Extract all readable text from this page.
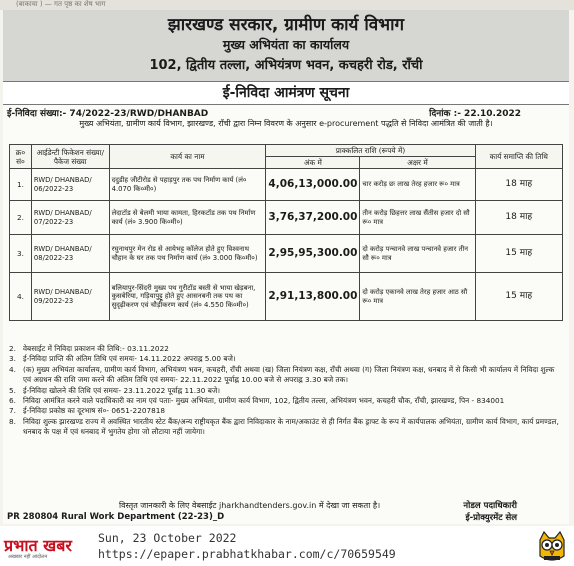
(बाकाया ) — गत पृष्ठ का शेष भाग
झारखण्ड सरकार, ग्रामीण कार्य विभाग
मुख्य अभियंता का कार्यालय
102, द्वितीय तल्ला, अभियंत्रण भवन, कचहरी रोड, राँची
ई-निविदा आमंत्रण सूचना
ई-निविदा संख्या:- 74/2022-23/RWD/DHANBAD	दिनांक :- 22.10.2022
मुख्य अभियंता, ग्रामीण कार्य विभाग, झारखण्ड, राँची द्वारा निम्न विवरण के अनुसार e-procurement पद्धति से निविदा आमंत्रित की जाती है।
क्र० सं०	आईडेन्टी फिकेशन संख्या/पैकेज संख्या	कार्य का नाम	प्राक्कलित राशि (रूपये में)		कार्य समाप्ति की तिथि
			अंक में	अक्षर में	
1.	RWD/ DHANBAD/ 06/2022-23	ददुडीह जीटीरोड से पहाड़पुर तक पथ निर्माण कार्य (लं० 4.070 कि०मी०)	4,06,13,000.00	चार करोड़ छः लाख तेरह हजार रू० मात्र	18 माह
2.	RWD/ DHANBAD/ 07/2022-23	लेदाटॉड से बेलमी भाया कामता, हिरकटॉड तक पथ निर्माण कार्य (लं० 3.900 कि०मी०)	3,76,37,200.00	तीन करोड़ छिहत्तर लाख सैंतीस हजार दो सौ रू० मात्र	18 माह
3.	RWD/ DHANBAD/ 08/2022-23	रघुनाथपुर मेन रोड से आयेभट्ट कॉलेज होते हुए विश्वनाथ चौहान के घर तक पथ निर्माण कार्य (लं० 3.000 कि०मी०)	2,95,95,300.00	दो करोड़ पन्चानवे लाख पन्चानवे हजार तीन सौ रू० मात्र	15 माह
4.	RWD/ DHANBAD/ 09/2022-23	बलियापुर-सिंदरी मुख्य पथ गुरीटॉड बस्ती से भाया खेड़बना, कुसबेरिया, गड़ियापुट्टू होते हुए आसनबनी तक पथ का सुदृढ़ीकरण एवं चौड़ीकरण कार्य (लं० 4.550 कि०मी०)	2,91,13,800.00	दो करोड़ एकानवे लाख तेरह हजार आठ सौ रू० मात्र	15 माह
2. वेबसाईट में निविदा प्रकाशन की तिथि:- 03.11.2022
3. ई-निविदा प्राप्ति की अंतिम तिथि एवं समयः- 14.11.2022 अपराह्न 5.00 बजे।
4. (क) मुख्य अभियंता कार्यालय, ग्रामीण कार्य विभाग, अभियंत्रण भवन, कचहरी, राँची अथवा (ख) जिला नियंत्रण कक्ष, राँची अथवा (ग) जिला नियंत्रण कक्ष, धनबाद में से किसी भी कार्यालय में निविदा शुल्क एवं अग्रधन की राशि जमा करने की अंतिम तिथि एवं समयः- 22.11.2022 पूर्वाह्न 10.00 बजे से अपराह्न 3.30 बजे तक।
5. ई-निविदा खोलने की तिथि एवं समयः- 23.11.2022 पूर्वाह्न 11.30 बजे।
6. निविदा आमंत्रित करने वाले पदाधिकारी का नाम एवं पताः- मुख्य अभियंता, ग्रामीण कार्य विभाग, 102, द्वितीय तल्ला, अभियंत्रण भवन, कचहरी चौक, राँची, झारखण्ड, पिन - 834001
7. ई-निविदा प्रकोष्ठ का दूरभाष सं०- 0651-2207818
8. निविदा शुल्क झारखण्ड राज्य में अवस्थित भारतीय स्टेट बैंक/अन्य राष्ट्रीयकृत बैंक द्वारा निविदाकार के नाम/अकाउंट से ही निर्गत बैंक ड्राफ्ट के रूप में कार्यपालक अभियंता, ग्रामीण कार्य विभाग, कार्य प्रमण्डल, धनबाद के पक्ष में एवं धनबाद में भुगतेय होगा जो लौटाया नहीं जायेगा।
विस्तृत जानकारी के लिए वेबसाईट jharkhandtenders.gov.in में देखा जा सकता है।	नोडल पदाधिकारी
PR 280804 Rural Work Department (22-23)_D	ई-प्रोक्युरमेंट सेल
प्रभात खबर
अखबार नहीं आंदोलन
Sun, 23 October 2022
https://epaper.prabhatkhabar.com/c/70659549
